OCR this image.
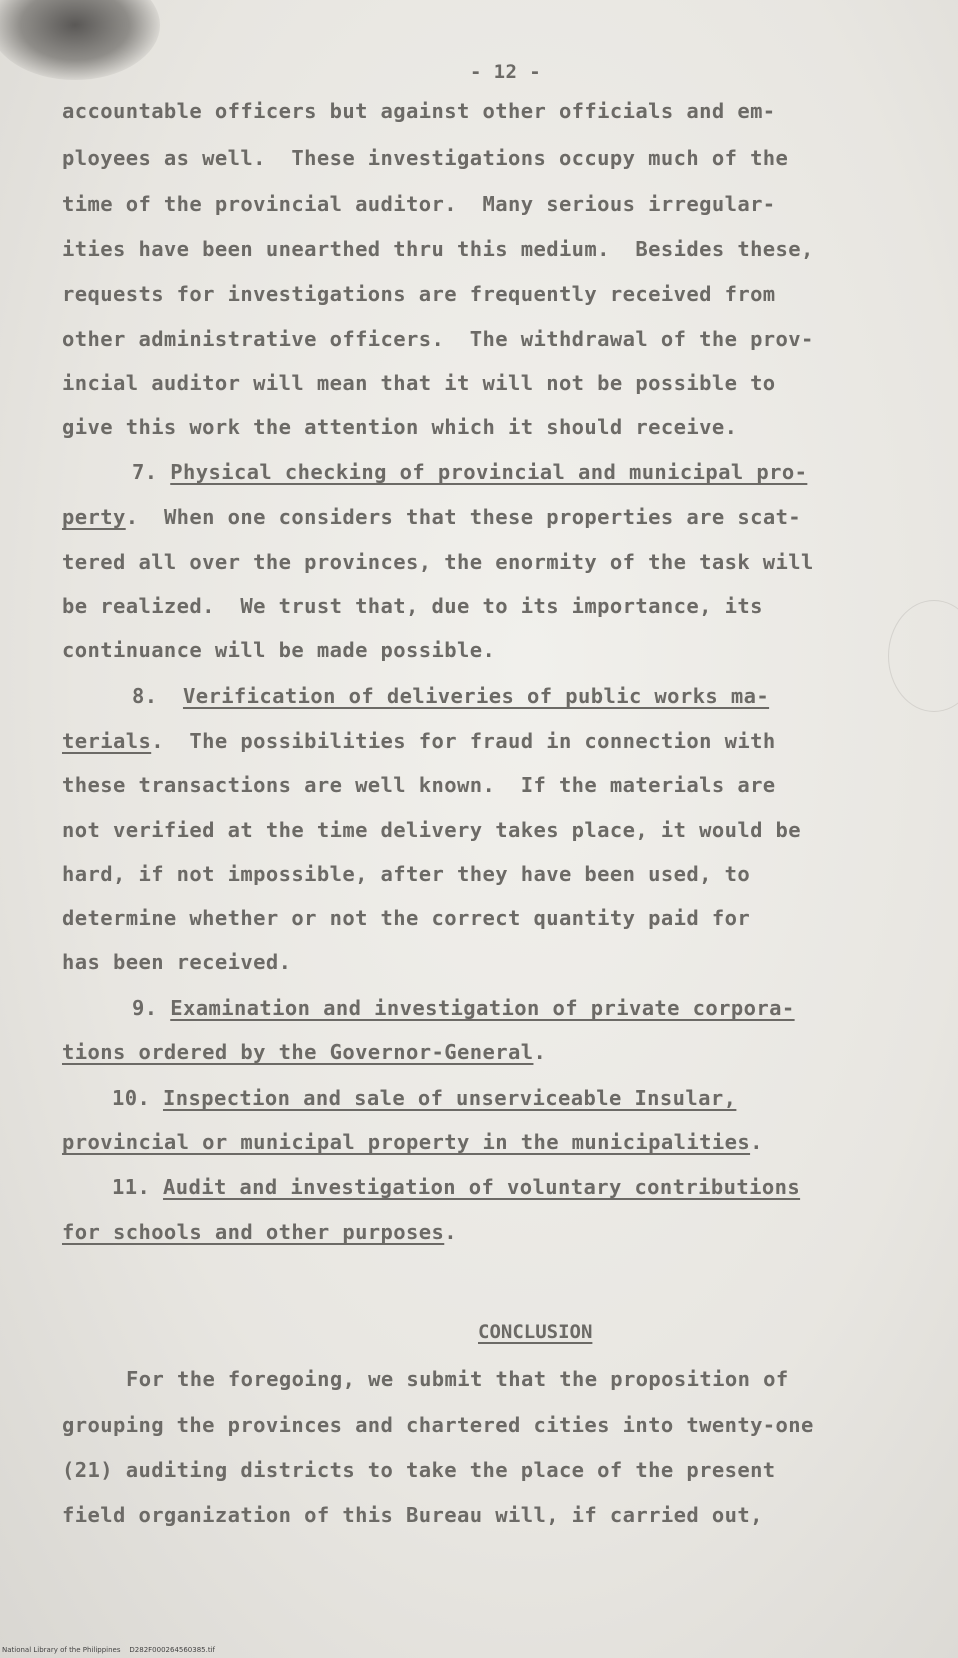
- 12 -
accountable officers but against other officials and em-
ployees as well.  These investigations occupy much of the
time of the provincial auditor.  Many serious irregular-
ities have been unearthed thru this medium.  Besides these,
requests for investigations are frequently received from
other administrative officers.  The withdrawal of the prov-
incial auditor will mean that it will not be possible to
give this work the attention which it should receive.
7. Physical checking of provincial and municipal pro-
perty.  When one considers that these properties are scat-
tered all over the provinces, the enormity of the task will
be realized.  We trust that, due to its importance, its
continuance will be made possible.
8. Verification of deliveries of public works ma-
terials.  The possibilities for fraud in connection with
these transactions are well known.  If the materials are
not verified at the time delivery takes place, it would be
hard, if not impossible, after they have been used, to
determine whether or not the correct quantity paid for
has been received.
9. Examination and investigation of private corpora-
tions ordered by the Governor-General.
10. Inspection and sale of unserviceable Insular,
provincial or municipal property in the municipalities.
11. Audit and investigation of voluntary contributions
for schools and other purposes.
CONCLUSION
For the foregoing, we submit that the proposition of
grouping the provinces and chartered cities into twenty-one
(21) auditing districts to take the place of the present
field organization of this Bureau will, if carried out,
National Library of the Philippines    D282F000264560385.tif
